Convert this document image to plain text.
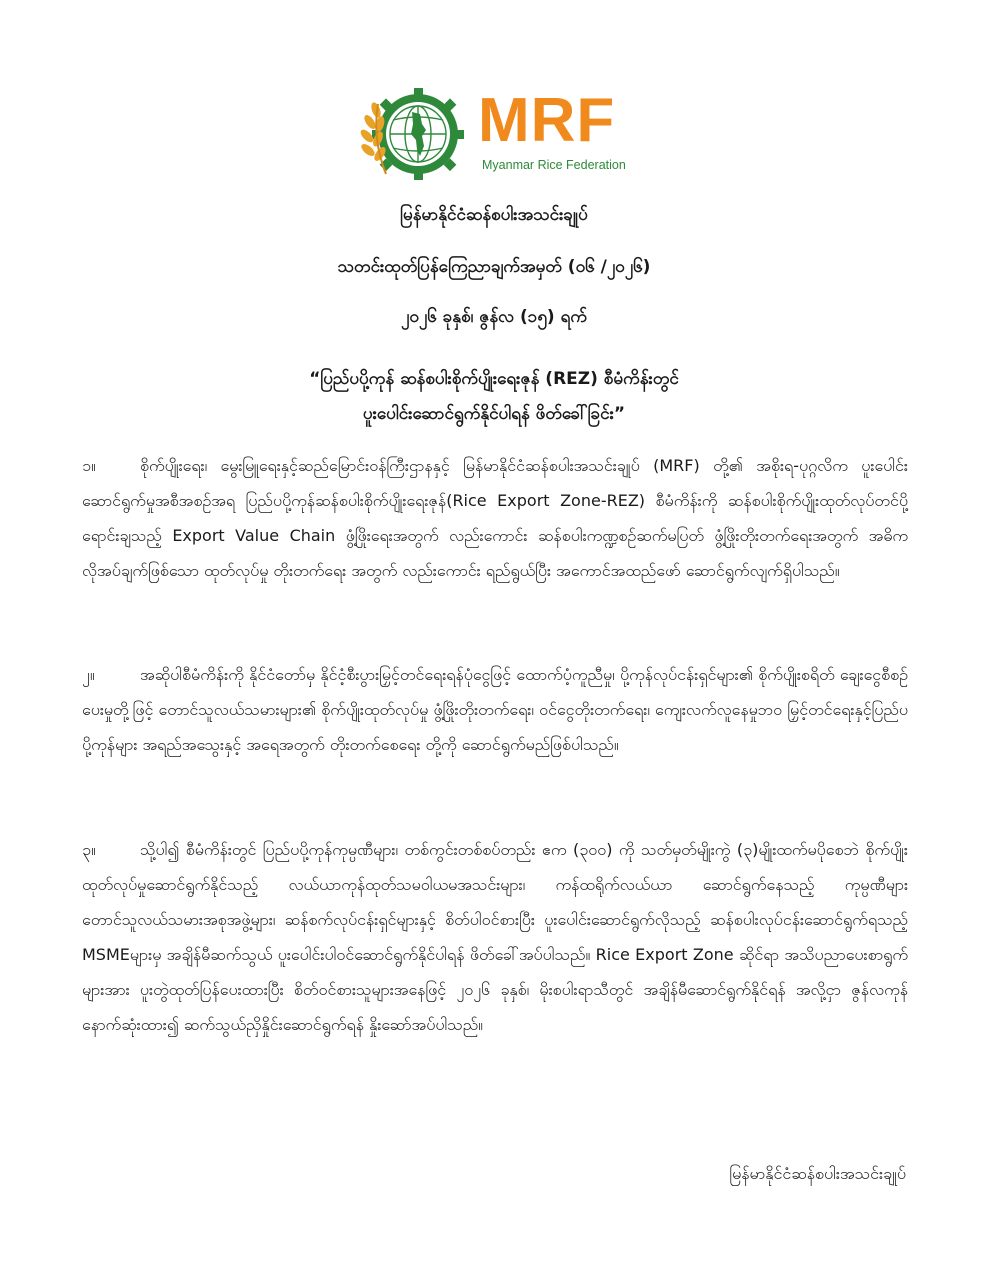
MRF
Myanmar Rice Federation
မြန်မာနိုင်ငံဆန်စပါးအသင်းချုပ်
သတင်းထုတ်ပြန်ကြေညာချက်အမှတ် (၀၆ /၂၀၂၆)
၂၀၂၆ ခုနှစ်၊ ဇွန်လ (၁၅) ရက်
“ပြည်ပပို့ကုန် ဆန်စပါးစိုက်ပျိုးရေးဇုန် (REZ) စီမံကိန်းတွင်
ပူးပေါင်းဆောင်ရွက်နိုင်ပါရန် ဖိတ်ခေါ်ခြင်း”

၁။	စိုက်ပျိုးရေး၊ မွေးမြူရေးနှင့်ဆည်မြောင်းဝန်ကြီးဌာနနှင့် မြန်မာနိုင်ငံဆန်စပါးအသင်းချုပ် (MRF) တို့၏ အစိုးရ-ပုဂ္ဂလိက ပူးပေါင်းဆောင်ရွက်မှုအစီအစဉ်အရ ပြည်ပပို့ကုန်ဆန်စပါးစိုက်ပျိုးရေးဇုန်(Rice Export Zone-REZ) စီမံကိန်းကို ဆန်စပါးစိုက်ပျိုးထုတ်လုပ်တင်ပို့ရောင်းချသည့် Export Value Chain ဖွံ့ဖြိုးရေးအတွက် လည်းကောင်း ဆန်စပါးကဏ္ဍစဉ်ဆက်မပြတ် ဖွံ့ဖြိုးတိုးတက်ရေးအတွက် အဓိကလိုအပ်ချက်ဖြစ်သော ထုတ်လုပ်မှု တိုးတက်ရေး အတွက် လည်းကောင်း ရည်ရွယ်ပြီး အကောင်အထည်ဖော် ဆောင်ရွက်လျက်ရှိပါသည်။

၂။	အဆိုပါစီမံကိန်းကို နိုင်ငံတော်မှ နိုင်ငံ့စီးပွားမြှင့်တင်ရေးရန်ပုံငွေဖြင့် ထောက်ပံ့ကူညီမှု၊ ပို့ကုန်လုပ်ငန်းရှင်များ၏ စိုက်ပျိုးစရိတ် ချေးငွေစီစဉ်ပေးမှုတို့ဖြင့် တောင်သူလယ်သမားများ၏ စိုက်ပျိုးထုတ်လုပ်မှု ဖွံ့ဖြိုးတိုးတက်ရေး၊ ဝင်ငွေတိုးတက်ရေး၊ ကျေးလက်လူနေမှုဘဝ မြှင့်တင်ရေးနှင့်ပြည်ပပို့ကုန်များ အရည်အသွေးနှင့် အရေအတွက် တိုးတက်စေရေး တို့ကို ဆောင်ရွက်မည်ဖြစ်ပါသည်။

၃။	သို့ပါ၍ စီမံကိန်းတွင် ပြည်ပပို့ကုန်ကုမ္ပဏီများ၊ တစ်ကွင်းတစ်စပ်တည်း ဧက (၃၀၀) ကို သတ်မှတ်မျိုးကွဲ (၃)မျိုးထက်မပိုစေဘဲ စိုက်ပျိုးထုတ်လုပ်မှုဆောင်ရွက်နိုင်သည့် လယ်ယာကုန်ထုတ်သမဝါယမအသင်းများ၊ ကန်ထရိုက်လယ်ယာ ဆောင်ရွက်နေသည့် ကုမ္ပဏီများ တောင်သူလယ်သမားအစုအဖွဲ့များ၊ ဆန်စက်လုပ်ငန်းရှင်များနှင့် စိတ်ပါဝင်စားပြီး ပူးပေါင်းဆောင်ရွက်လိုသည့် ဆန်စပါးလုပ်ငန်းဆောင်ရွက်ရသည့် MSMEများမှ အချိန်မီဆက်သွယ် ပူးပေါင်းပါဝင်ဆောင်ရွက်နိုင်ပါရန် ဖိတ်ခေါ်အပ်ပါသည်။ Rice Export Zone ဆိုင်ရာ အသိပညာပေးစာရွက်များအား ပူးတွဲထုတ်ပြန်ပေးထားပြီး စိတ်ဝင်စားသူများအနေဖြင့် ၂၀၂၆ ခုနှစ်၊ မိုးစပါးရာသီတွင် အချိန်မီဆောင်ရွက်နိုင်ရန် အလို့ငှာ ဇွန်လကုန်နောက်ဆုံးထား၍ ဆက်သွယ်ညှိနှိုင်းဆောင်ရွက်ရန် နှိုးဆော်အပ်ပါသည်။

မြန်မာနိုင်ငံဆန်စပါးအသင်းချုပ်
